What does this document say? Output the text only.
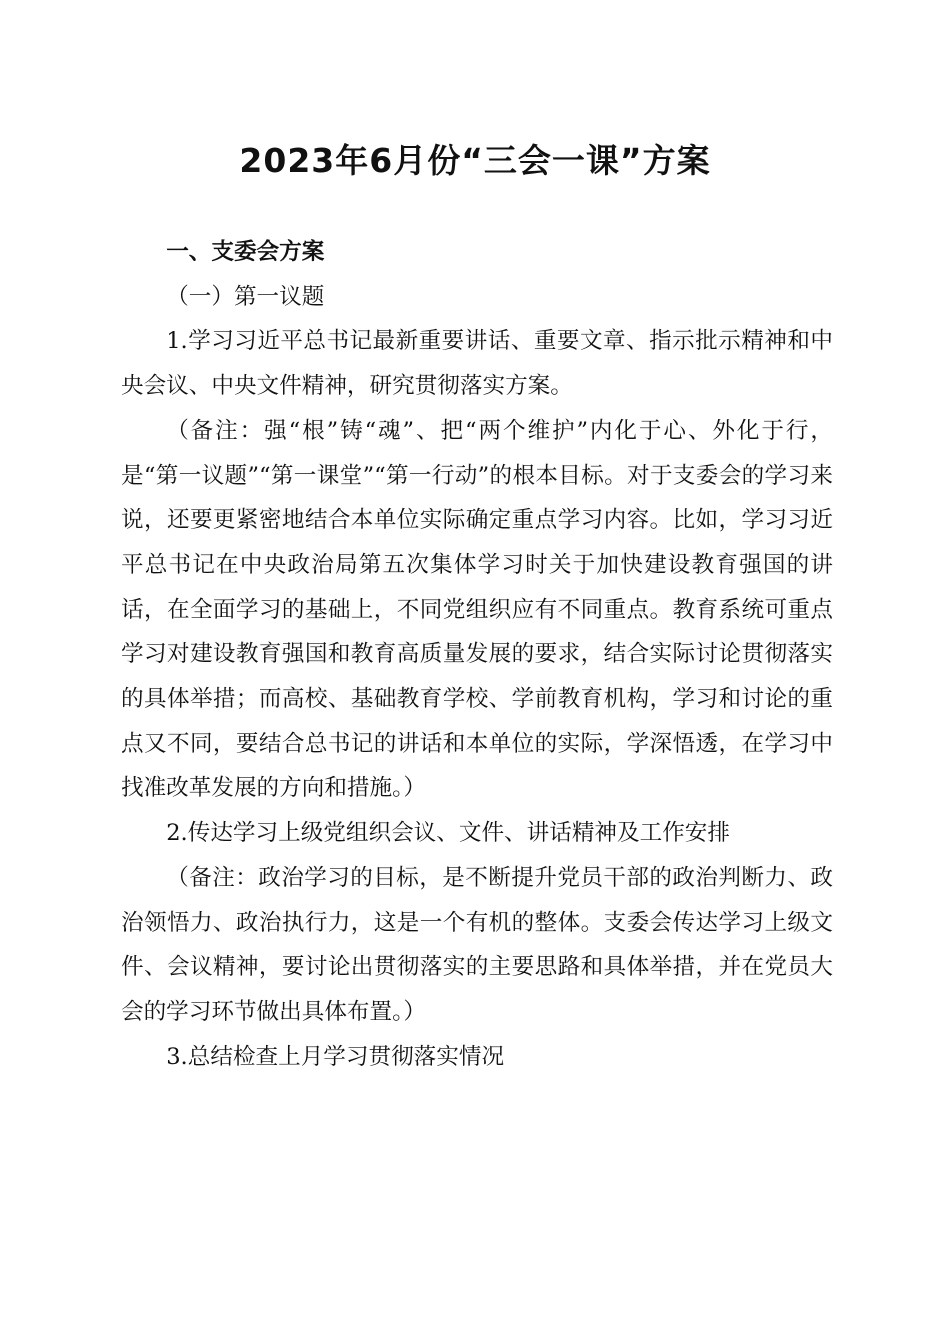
2023年6月份“三会一课”方案

一、支委会方案

（一）第一议题

1.学习习近平总书记最新重要讲话、重要文章、指示批示精神和中央会议、中央文件精神，研究贯彻落实方案。

（备注：强“根”铸“魂”、把“两个维护”内化于心、外化于行，是“第一议题”“第一课堂”“第一行动”的根本目标。对于支委会的学习来说，还要更紧密地结合本单位实际确定重点学习内容。比如，学习习近平总书记在中央政治局第五次集体学习时关于加快建设教育强国的讲话，在全面学习的基础上，不同党组织应有不同重点。教育系统可重点学习对建设教育强国和教育高质量发展的要求，结合实际讨论贯彻落实的具体举措；而高校、基础教育学校、学前教育机构，学习和讨论的重点又不同，要结合总书记的讲话和本单位的实际，学深悟透，在学习中找准改革发展的方向和措施。）

2.传达学习上级党组织会议、文件、讲话精神及工作安排

（备注：政治学习的目标，是不断提升党员干部的政治判断力、政治领悟力、政治执行力，这是一个有机的整体。支委会传达学习上级文件、会议精神，要讨论出贯彻落实的主要思路和具体举措，并在党员大会的学习环节做出具体布置。）

3.总结检查上月学习贯彻落实情况
